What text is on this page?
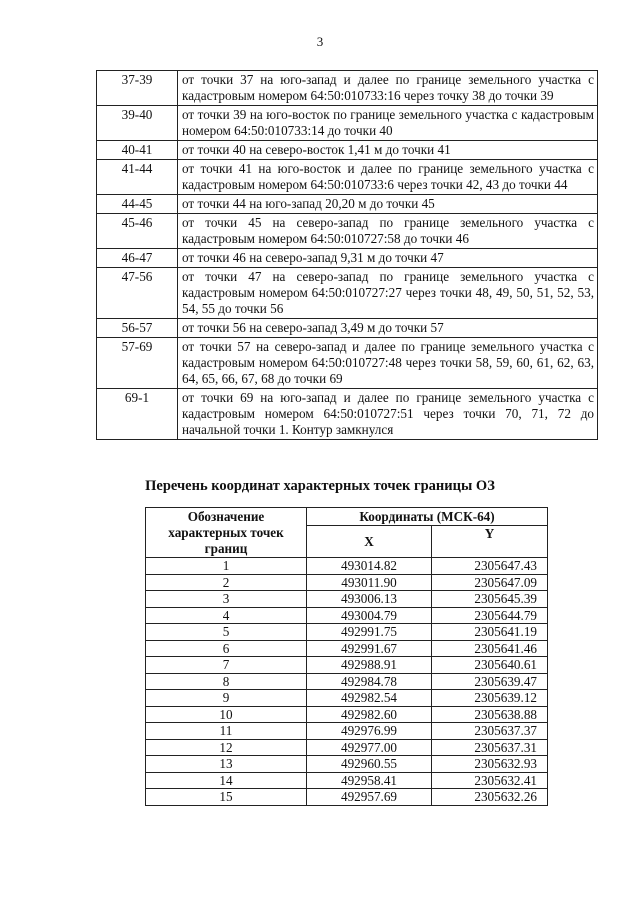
3
37-39	от точки 37 на юго-запад и далее по границе земельного участка с кадастровым номером 64:50:010733:16 через точку 38 до точки 39
39-40	от точки 39 на юго-восток по границе земельного участка с кадастровым номером 64:50:010733:14 до точки 40
40-41	от точки 40 на северо-восток 1,41 м до точки 41
41-44	от точки 41 на юго-восток и далее по границе земельного участка с кадастровым номером 64:50:010733:6 через точки 42, 43 до точки 44
44-45	от точки 44 на юго-запад 20,20 м до точки 45
45-46	от точки 45 на северо-запад по границе земельного участка с кадастровым номером 64:50:010727:58 до точки 46
46-47	от точки 46 на северо-запад 9,31 м до точки 47
47-56	от точки 47 на северо-запад по границе земельного участка с кадастровым номером 64:50:010727:27 через точки 48, 49, 50, 51, 52, 53, 54, 55 до точки 56
56-57	от точки 56 на северо-запад 3,49 м до точки 57
57-69	от точки 57 на северо-запад и далее по границе земельного участка с кадастровым номером 64:50:010727:48 через точки 58, 59, 60, 61, 62, 63, 64, 65, 66, 67, 68 до точки 69
69-1	от точки 69 на юго-запад и далее по границе земельного участка с кадастровым номером 64:50:010727:51 через точки 70, 71, 72 до начальной точки 1. Контур замкнулся
Перечень координат характерных точек границы ОЗ
Обозначение характерных точек границ	Координаты (МСК-64)	
	X	Y
1	493014.82	2305647.43
2	493011.90	2305647.09
3	493006.13	2305645.39
4	493004.79	2305644.79
5	492991.75	2305641.19
6	492991.67	2305641.46
7	492988.91	2305640.61
8	492984.78	2305639.47
9	492982.54	2305639.12
10	492982.60	2305638.88
11	492976.99	2305637.37
12	492977.00	2305637.31
13	492960.55	2305632.93
14	492958.41	2305632.41
15	492957.69	2305632.26
